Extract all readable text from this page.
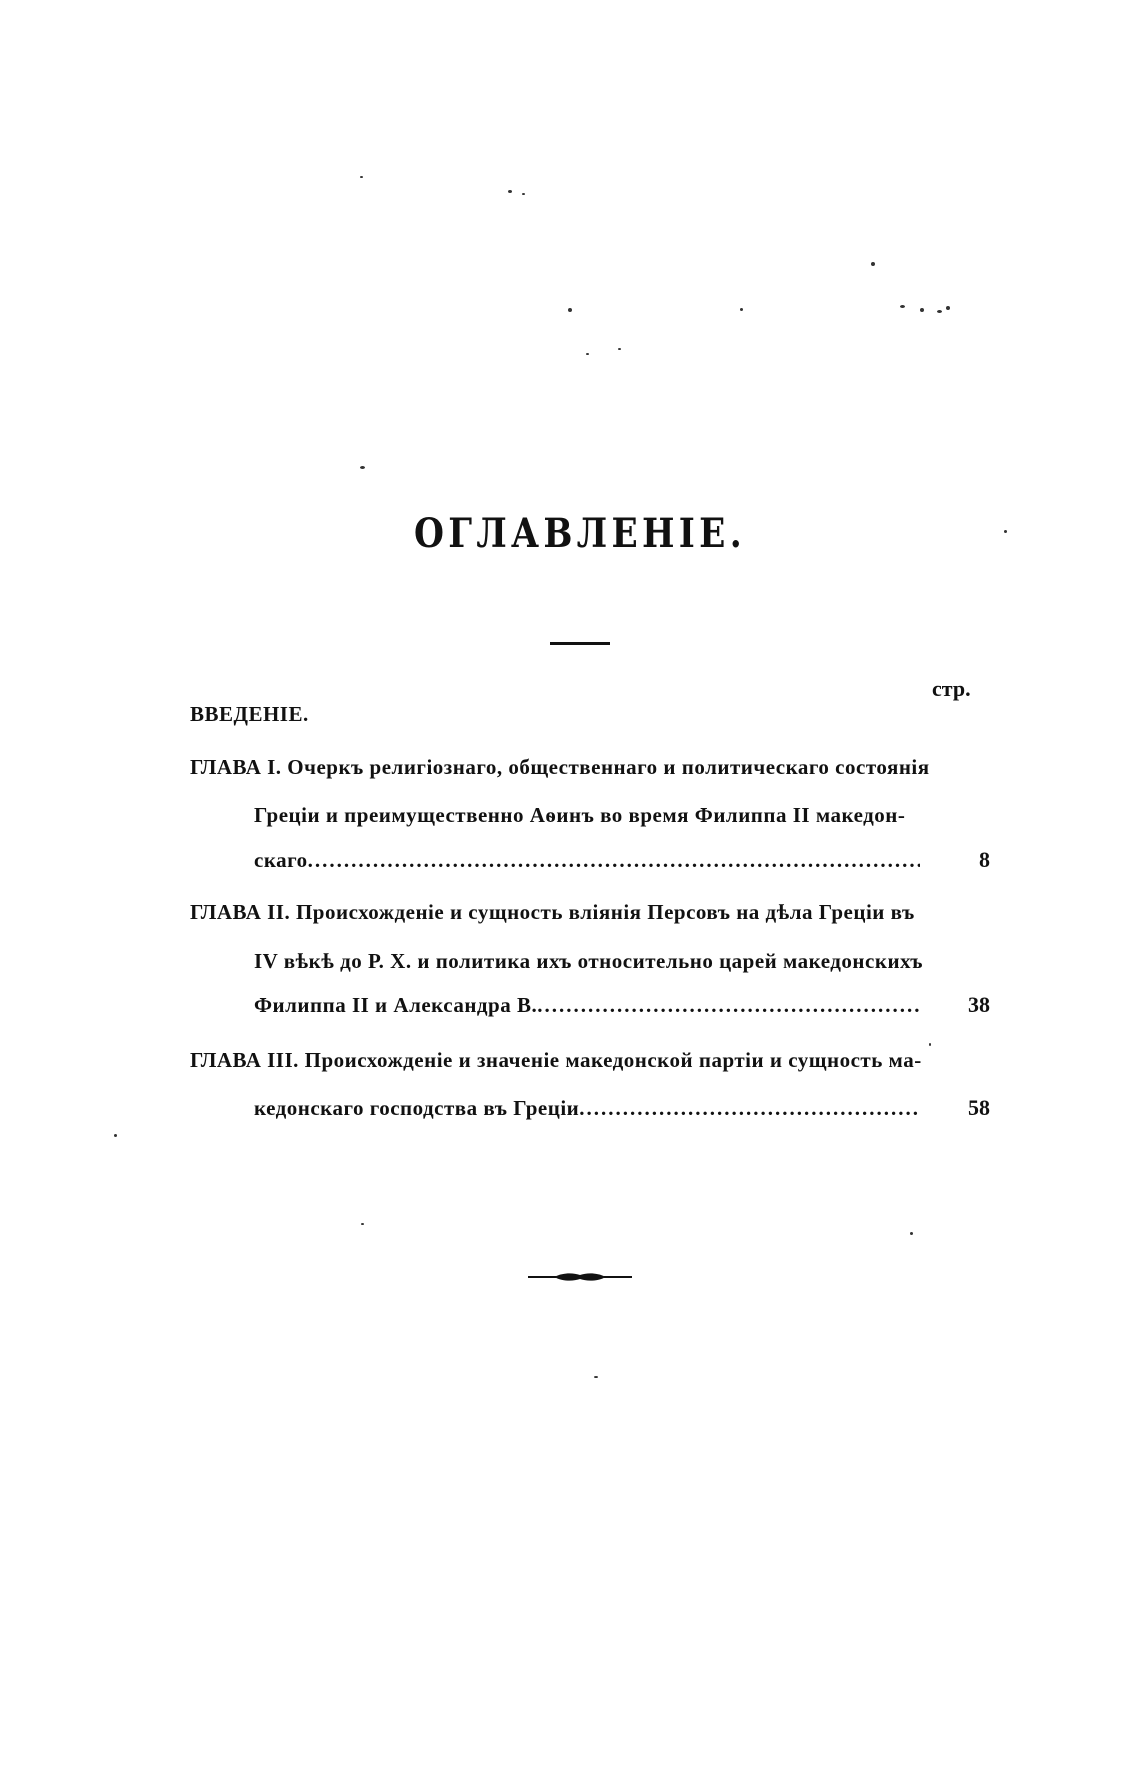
ОГЛАВЛЕНІЕ.
стр.
ВВЕДЕНІЕ.
ГЛАВА I. Очеркъ религіознаго, общественнаго и политическаго состоянія
Греціи и преимущественно Аѳинъ во время Филиппа II македон-
скаго .....	8
ГЛАВА II. Происхожденіе и сущность вліянія Персовъ на дѣла Греціи въ
IV вѣкѣ до Р. Х. и политика ихъ относительно царей македонскихъ
Филиппа II и Александра В. .....	38
ГЛАВА III. Происхожденіе и значеніе македонской партіи и сущность ма-
кедонскаго господства въ Греціи .....	58
